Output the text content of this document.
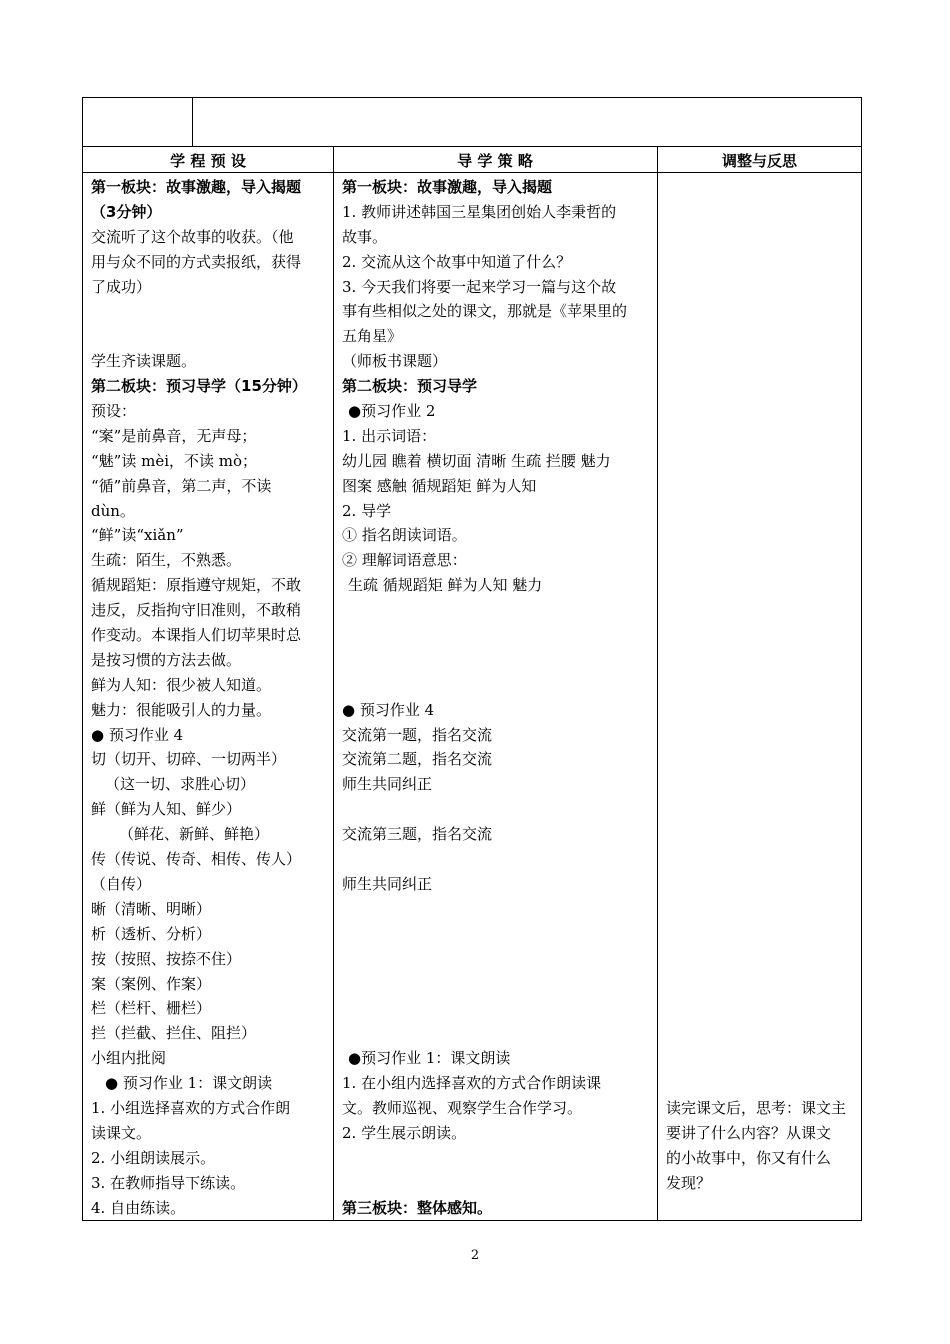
学 程 预 设	导 学 策 略	调整与反思
第一板块：故事激趣，导入揭题
（3分钟）
交流听了这个故事的收获。（他
用与众不同的方式卖报纸，获得
了成功）
学生齐读课题。
第二板块：预习导学（15分钟）
预设：
“案”是前鼻音，无声母；
“魅”读 mèi，不读 mò；
“循”前鼻音，第二声，不读
dùn。
“鲜”读“xiǎn”
生疏：陌生，不熟悉。
循规蹈矩：原指遵守规矩，不敢
违反，反指拘守旧准则，不敢稍
作变动。本课指人们切苹果时总
是按习惯的方法去做。
鲜为人知：很少被人知道。
魅力：很能吸引人的力量。
● 预习作业 4
切（切开、切碎、一切两半）
（这一切、求胜心切）
鲜（鲜为人知、鲜少）
（鲜花、新鲜、鲜艳）
传（传说、传奇、相传、传人）
（自传）
晰（清晰、明晰）
析（透析、分析）
按（按照、按捺不住）
案（案例、作案）
栏（栏杆、栅栏）
拦（拦截、拦住、阻拦）
小组内批阅
● 预习作业 1：课文朗读
1. 小组选择喜欢的方式合作朗
读课文。
2. 小组朗读展示。
3. 在教师指导下练读。
4. 自由练读。
第一板块：故事激趣，导入揭题
1. 教师讲述韩国三星集团创始人李秉哲的
故事。
2. 交流从这个故事中知道了什么？
3. 今天我们将要一起来学习一篇与这个故
事有些相似之处的课文，那就是《苹果里的
五角星》
（师板书课题）
第二板块：预习导学
●预习作业 2
1. 出示词语：
幼儿园 瞧着 横切面 清晰 生疏 拦腰 魅力
图案 感触 循规蹈矩 鲜为人知
2. 导学
① 指名朗读词语。
② 理解词语意思：
生疏 循规蹈矩 鲜为人知 魅力
● 预习作业 4
交流第一题，指名交流
交流第二题，指名交流
师生共同纠正
交流第三题，指名交流
师生共同纠正
●预习作业 1：课文朗读
1. 在小组内选择喜欢的方式合作朗读课
文。教师巡视、观察学生合作学习。
2. 学生展示朗读。
第三板块：整体感知。
读完课文后，思考：课文主
要讲了什么内容？从课文
的小故事中，你又有什么
发现？
2
